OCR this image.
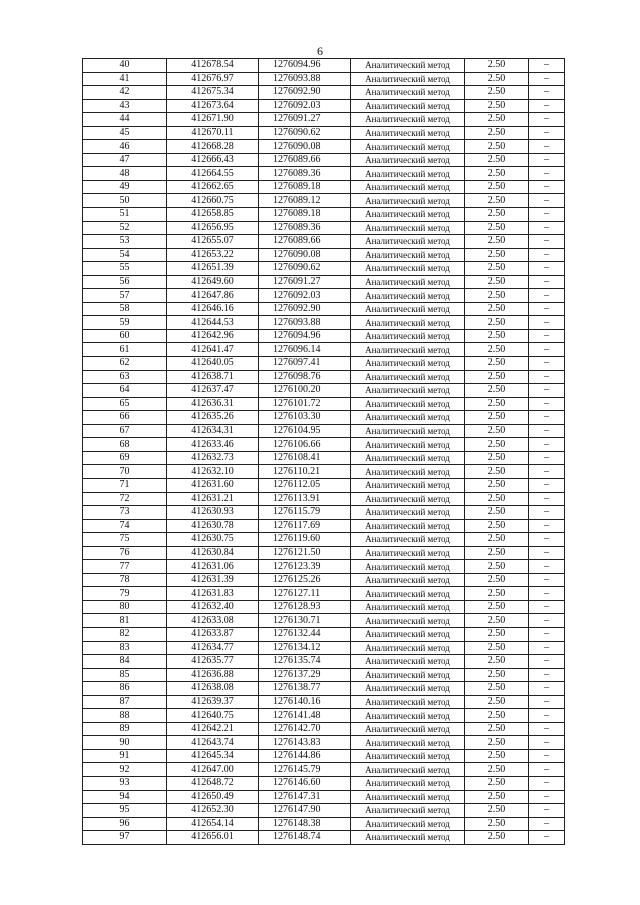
6
40	412678.54	1276094.96	Аналитический метод	2.50	–
41	412676.97	1276093.88	Аналитический метод	2.50	–
42	412675.34	1276092.90	Аналитический метод	2.50	–
43	412673.64	1276092.03	Аналитический метод	2.50	–
44	412671.90	1276091.27	Аналитический метод	2.50	–
45	412670.11	1276090.62	Аналитический метод	2.50	–
46	412668.28	1276090.08	Аналитический метод	2.50	–
47	412666.43	1276089.66	Аналитический метод	2.50	–
48	412664.55	1276089.36	Аналитический метод	2.50	–
49	412662.65	1276089.18	Аналитический метод	2.50	–
50	412660.75	1276089.12	Аналитический метод	2.50	–
51	412658.85	1276089.18	Аналитический метод	2.50	–
52	412656.95	1276089.36	Аналитический метод	2.50	–
53	412655.07	1276089.66	Аналитический метод	2.50	–
54	412653.22	1276090.08	Аналитический метод	2.50	–
55	412651.39	1276090.62	Аналитический метод	2.50	–
56	412649.60	1276091.27	Аналитический метод	2.50	–
57	412647.86	1276092.03	Аналитический метод	2.50	–
58	412646.16	1276092.90	Аналитический метод	2.50	–
59	412644.53	1276093.88	Аналитический метод	2.50	–
60	412642.96	1276094.96	Аналитический метод	2.50	–
61	412641.47	1276096.14	Аналитический метод	2.50	–
62	412640.05	1276097.41	Аналитический метод	2.50	–
63	412638.71	1276098.76	Аналитический метод	2.50	–
64	412637.47	1276100.20	Аналитический метод	2.50	–
65	412636.31	1276101.72	Аналитический метод	2.50	–
66	412635.26	1276103.30	Аналитический метод	2.50	–
67	412634.31	1276104.95	Аналитический метод	2.50	–
68	412633.46	1276106.66	Аналитический метод	2.50	–
69	412632.73	1276108.41	Аналитический метод	2.50	–
70	412632.10	1276110.21	Аналитический метод	2.50	–
71	412631.60	1276112.05	Аналитический метод	2.50	–
72	412631.21	1276113.91	Аналитический метод	2.50	–
73	412630.93	1276115.79	Аналитический метод	2.50	–
74	412630.78	1276117.69	Аналитический метод	2.50	–
75	412630.75	1276119.60	Аналитический метод	2.50	–
76	412630.84	1276121.50	Аналитический метод	2.50	–
77	412631.06	1276123.39	Аналитический метод	2.50	–
78	412631.39	1276125.26	Аналитический метод	2.50	–
79	412631.83	1276127.11	Аналитический метод	2.50	–
80	412632.40	1276128.93	Аналитический метод	2.50	–
81	412633.08	1276130.71	Аналитический метод	2.50	–
82	412633.87	1276132.44	Аналитический метод	2.50	–
83	412634.77	1276134.12	Аналитический метод	2.50	–
84	412635.77	1276135.74	Аналитический метод	2.50	–
85	412636.88	1276137.29	Аналитический метод	2.50	–
86	412638.08	1276138.77	Аналитический метод	2.50	–
87	412639.37	1276140.16	Аналитический метод	2.50	–
88	412640.75	1276141.48	Аналитический метод	2.50	–
89	412642.21	1276142.70	Аналитический метод	2.50	–
90	412643.74	1276143.83	Аналитический метод	2.50	–
91	412645.34	1276144.86	Аналитический метод	2.50	–
92	412647.00	1276145.79	Аналитический метод	2.50	–
93	412648.72	1276146.60	Аналитический метод	2.50	–
94	412650.49	1276147.31	Аналитический метод	2.50	–
95	412652.30	1276147.90	Аналитический метод	2.50	–
96	412654.14	1276148.38	Аналитический метод	2.50	–
97	412656.01	1276148.74	Аналитический метод	2.50	–
